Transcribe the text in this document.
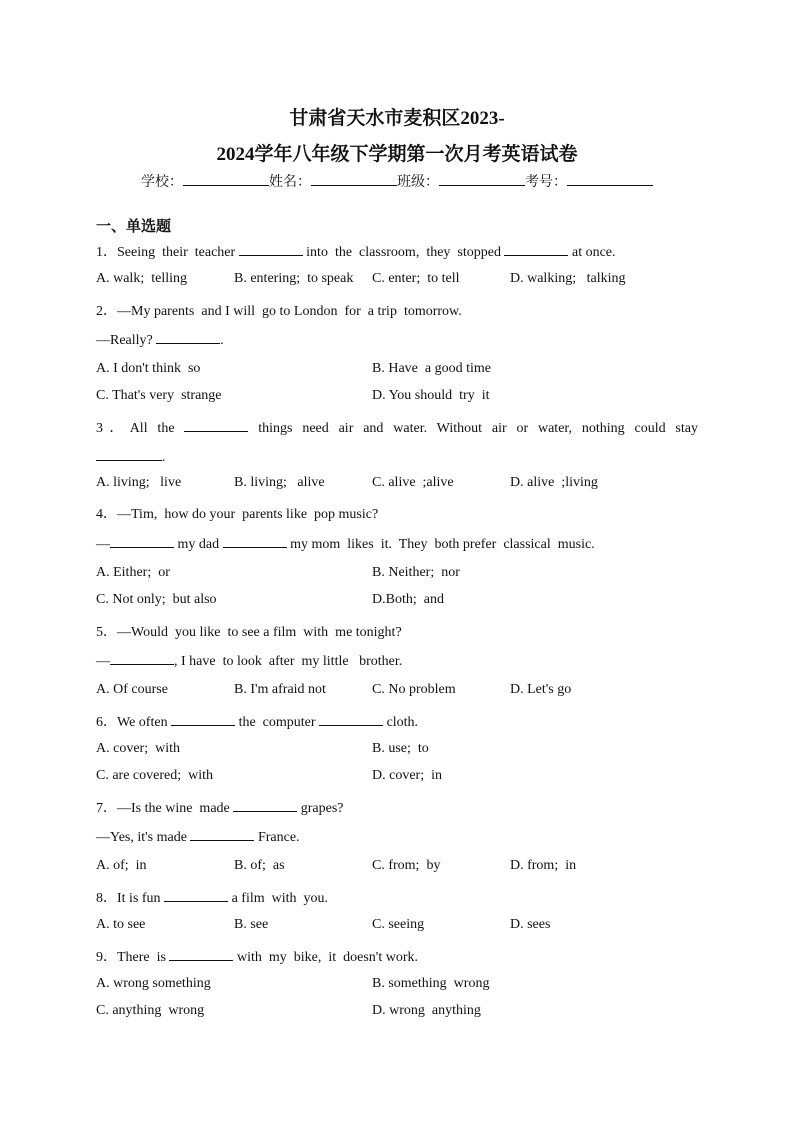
甘肃省天水市麦积区2023-
2024学年八年级下学期第一次月考英语试卷
学校：	姓名：	班级：	考号：
一、单选题
1．Seeing  their  teacher	into  the  classroom,  they  stopped	at once.
A. walk;  telling	B. entering;  to speak C. enter;  to tell	D. walking;   talking
2．—My parents  and I will  go to London  for  a trip  tomorrow.
—Really?	.
A. I don't think  so	B. Have  a good time
C. That's very  strange	D. You should  try  it
3．All the	things need air and water. Without air or water, nothing could stay
.
A. living;   live	B. living;   alive	C. alive  ;alive	D. alive  ;living
4．—Tim,  how do your  parents like  pop music?
—	my dad	my mom  likes  it.  They  both prefer  classical  music.
A. Either;  or	B. Neither;  nor
C. Not only;  but also	D.Both;  and
5．—Would  you like  to see a film  with  me tonight?
—	, I have  to look  after  my little   brother.
A. Of course	B. I'm afraid not	C. No problem	D. Let's go
6．We often	the  computer	cloth.
A. cover;  with	B. use;  to
C. are covered;  with	D. cover;  in
7．—Is the wine  made	grapes?
—Yes, it's made	France.
A. of;  in	B. of;  as	C. from;  by	D. from;  in
8．It is fun	a film  with  you.
A. to see	B. see	C. seeing	D. sees
9．There  is	with  my  bike,  it  doesn't work.
A. wrong something	B. something  wrong
C. anything  wrong	D. wrong  anything
